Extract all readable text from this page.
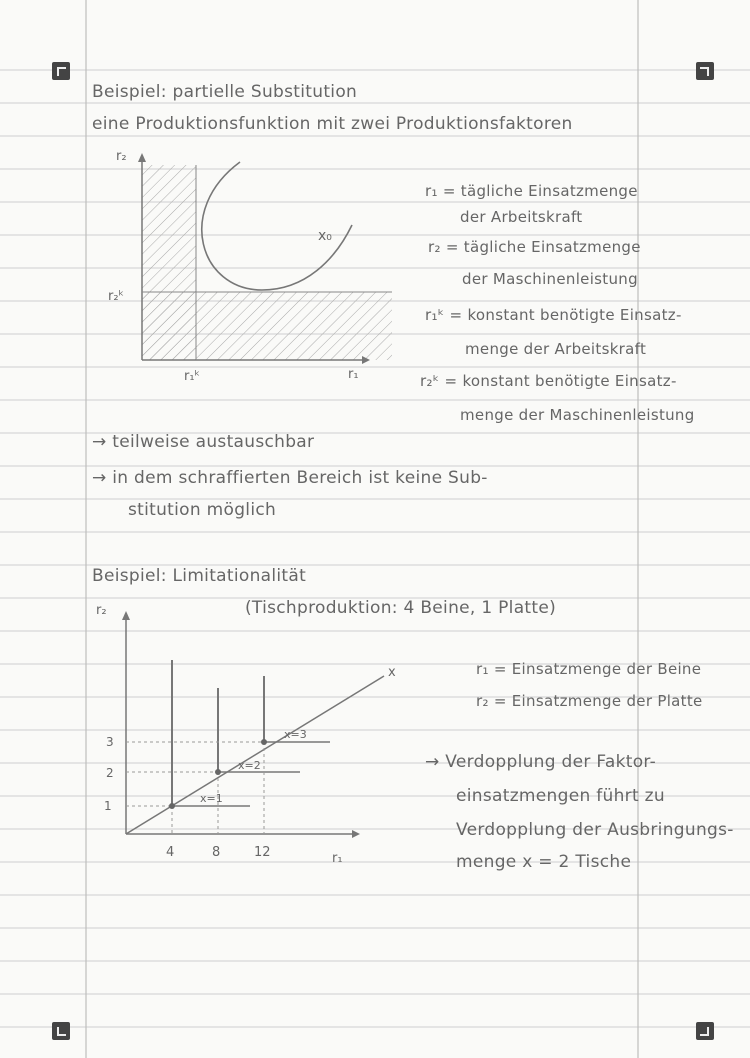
Beispiel: partielle Substitution
eine Produktionsfunktion mit zwei Produktionsfaktoren
r₂
r₁
x₀
r₂ᵏ
r₁ᵏ
r₁ = tägliche Einsatzmenge
der Arbeitskraft
r₂ = tägliche Einsatzmenge
der Maschinenleistung
r₁ᵏ = konstant benötigte Einsatz-
menge der Arbeitskraft
r₂ᵏ = konstant benötigte Einsatz-
menge der Maschinenleistung
→ teilweise austauschbar
→ in dem schraffierten Bereich ist keine Sub-
stitution möglich
Beispiel: Limitationalität
(Tischproduktion: 4 Beine, 1 Platte)
r₂
r₁
x
1
2
3
4	8	12
x=1
x=2
x=3
r₁ = Einsatzmenge der Beine
r₂ = Einsatzmenge der Platte
→ Verdopplung der Faktor-
einsatzmengen führt zu
Verdopplung der Ausbringungs-
menge x = 2 Tische
